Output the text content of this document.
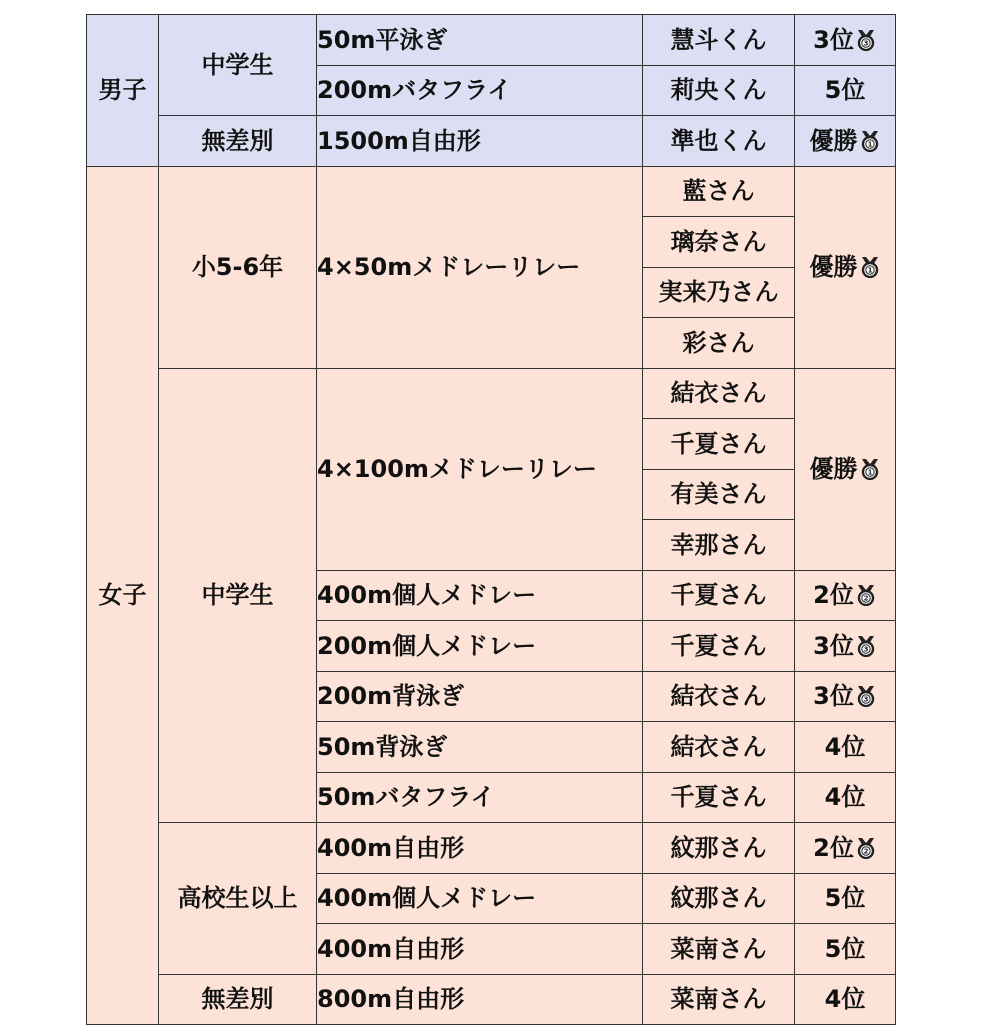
男子	中学生	50m平泳ぎ	慧斗くん	3位 3

		200mバタフライ	莉央くん	5位
	無差別	1500m自由形	準也くん	優勝 1

女子	小5-6年	4×50mメドレーリレー	藍さん	優勝 1

			璃奈さん	
			実来乃さん	
			彩さん	
	中学生	4×100mメドレーリレー	結衣さん	優勝 1

			千夏さん	
			有美さん	
			幸那さん	
		400m個人メドレー	千夏さん	2位 2

		200m個人メドレー	千夏さん	3位 3

		200m背泳ぎ	結衣さん	3位 3

		50m背泳ぎ	結衣さん	4位
		50mバタフライ	千夏さん	4位
	高校生以上	400m自由形	紋那さん	2位 2

		400m個人メドレー	紋那さん	5位
		400m自由形	菜南さん	5位
	無差別	800m自由形	菜南さん	4位
